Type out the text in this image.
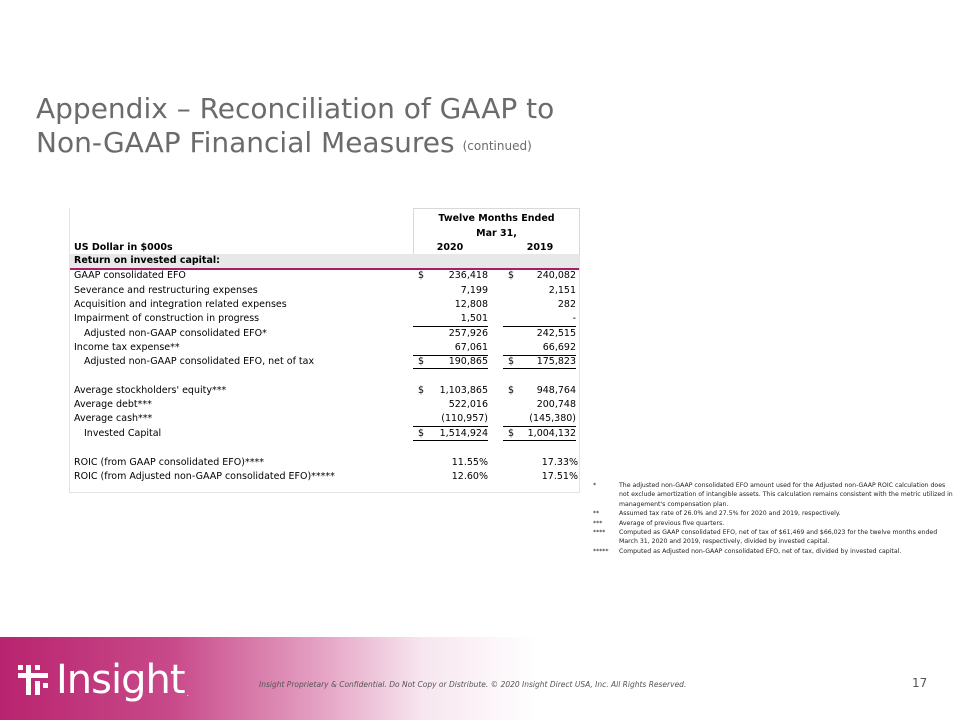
Appendix – Reconciliation of GAAP to
Non-GAAP Financial Measures (continued)
Twelve Months Ended
Mar 31,
US Dollar in $000s	2020	2019
Return on invested capital:
GAAP consolidated EFO	$	236,418 $	240,082
Severance and restructuring expenses	7,199	2,151
Acquisition and integration related expenses	12,808	282
Impairment of construction in progress	1,501	-
Adjusted non-GAAP consolidated EFO*	257,926	242,515
Income tax expense**	67,061	66,692
Adjusted non-GAAP consolidated EFO, net of tax	$	190,865 $	175,823
Average stockholders' equity***	$	1,103,865 $	948,764
Average debt***	522,016	200,748
Average cash***	(110,957)	(145,380)
Invested Capital	$	1,514,924 $	1,004,132
ROIC (from GAAP consolidated EFO)****	11.55%	17.33%
ROIC (from Adjusted non-GAAP consolidated EFO)*****	12.60%	17.51%
*	The adjusted non-GAAP consolidated EFO amount used for the Adjusted non-GAAP ROIC calculation does not exclude amortization of intangible assets. This calculation remains consistent with the metric utilized in management's compensation plan.
**	Assumed tax rate of 26.0% and 27.5% for 2020 and 2019, respectively.
***	Average of previous five quarters.
****	Computed as GAAP consolidated EFO, net of tax of $61,469 and $66,023 for the twelve months ended March 31, 2020 and 2019, respectively, divided by invested capital.
*****	Computed as Adjusted non-GAAP consolidated EFO, net of tax, divided by invested capital.
Insight .
Insight Proprietary & Confidential. Do Not Copy or Distribute. © 2020 Insight Direct USA, Inc. All Rights Reserved.	17
